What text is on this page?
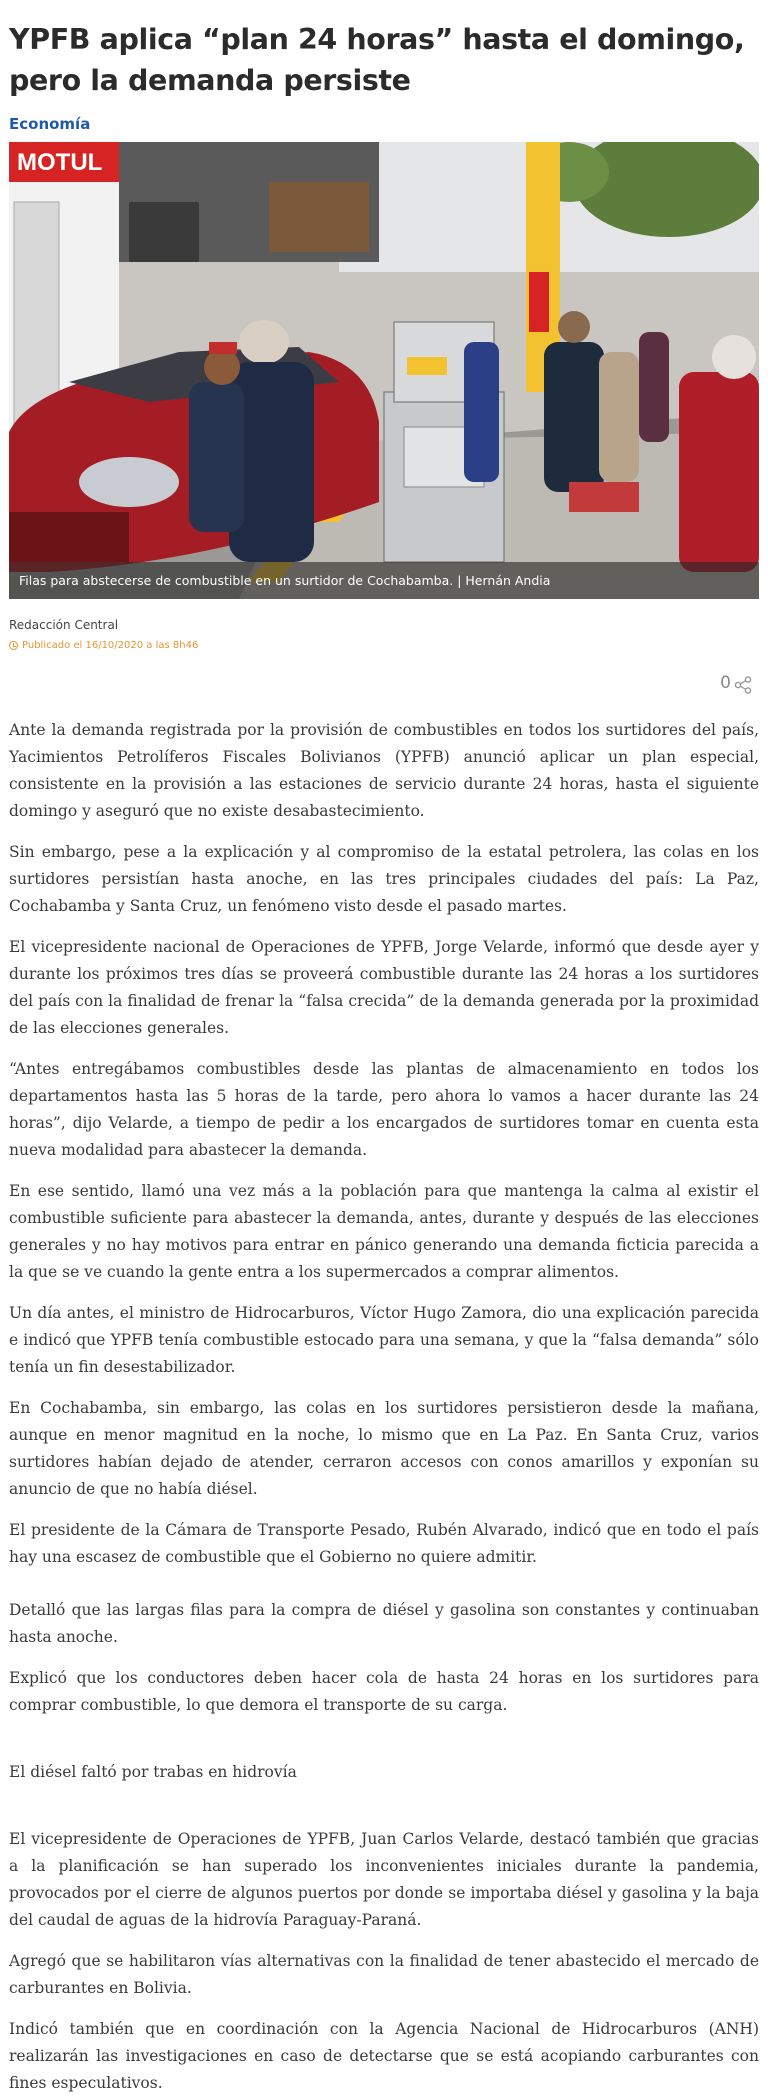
YPFB aplica “plan 24 horas” hasta el domingo, pero la demanda persiste
Economía
MOTUL
Filas para abstecerse de combustible en un surtidor de Cochabamba. | Hernán Andia
Redacción Central
Publicado el 16/10/2020 a las 8h46
0

Ante la demanda registrada por la provisión de combustibles en todos los surtidores del país, Yacimientos Petrolíferos Fiscales Bolivianos (YPFB) anunció aplicar un plan especial, consistente en la provisión a las estaciones de servicio durante 24 horas, hasta el siguiente domingo y aseguró que no existe desabastecimiento.

Sin embargo, pese a la explicación y al compromiso de la estatal petrolera, las colas en los surtidores persistían hasta anoche, en las tres principales ciudades del país: La Paz, Cochabamba y Santa Cruz, un fenómeno visto desde el pasado martes.

El vicepresidente nacional de Operaciones de YPFB, Jorge Velarde, informó que desde ayer y durante los próximos tres días se proveerá combustible durante las 24 horas a los surtidores del país con la finalidad de frenar la “falsa crecida” de la demanda generada por la proximidad de las elecciones generales.

“Antes entregábamos combustibles desde las plantas de almacenamiento en todos los departamentos hasta las 5 horas de la tarde, pero ahora lo vamos a hacer durante las 24 horas”, dijo Velarde, a tiempo de pedir a los encargados de surtidores tomar en cuenta esta nueva modalidad para abastecer la demanda.

En ese sentido, llamó una vez más a la población para que mantenga la calma al existir el combustible suficiente para abastecer la demanda, antes, durante y después de las elecciones generales y no hay motivos para entrar en pánico generando una demanda ficticia parecida a la que se ve cuando la gente entra a los supermercados a comprar alimentos.

Un día antes, el ministro de Hidrocarburos, Víctor Hugo Zamora, dio una explicación parecida e indicó que YPFB tenía combustible estocado para una semana, y que la “falsa demanda” sólo tenía un fin desestabilizador.

En Cochabamba, sin embargo, las colas en los surtidores persistieron desde la mañana, aunque en menor magnitud en la noche, lo mismo que en La Paz. En Santa Cruz, varios surtidores habían dejado de atender, cerraron accesos con conos amarillos y exponían su anuncio de que no había diésel.

El presidente de la Cámara de Transporte Pesado, Rubén Alvarado, indicó que en todo el país hay una escasez de combustible que el Gobierno no quiere admitir.

Detalló que las largas filas para la compra de diésel y gasolina son constantes y continuaban hasta anoche.

Explicó que los conductores deben hacer cola de hasta 24 horas en los surtidores para comprar combustible, lo que demora el transporte de su carga.

El diésel faltó por trabas en hidrovía

El vicepresidente de Operaciones de YPFB, Juan Carlos Velarde, destacó también que gracias a la planificación se han superado los inconvenientes iniciales durante la pandemia, provocados por el cierre de algunos puertos por donde se importaba diésel y gasolina y la baja del caudal de aguas de la hidrovía Paraguay-Paraná.

Agregó que se habilitaron vías alternativas con la finalidad de tener abastecido el mercado de carburantes en Bolivia.

Indicó también que en coordinación con la Agencia Nacional de Hidrocarburos (ANH) realizarán las investigaciones en caso de detectarse que se está acopiando carburantes con fines especulativos.
